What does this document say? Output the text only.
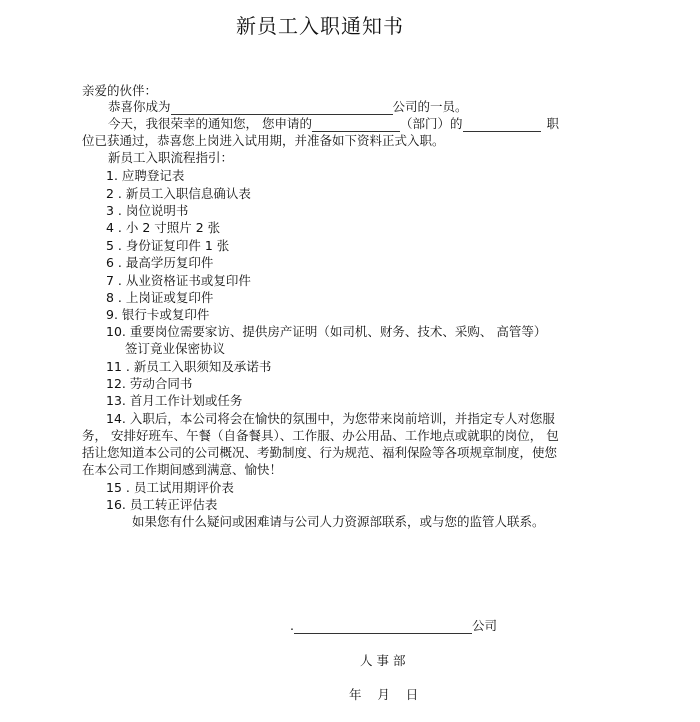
新员工入职通知书
亲爱的伙伴：
恭喜你成为	公司的一员。
今天，我很荣幸的通知您， 您申请的	（部门）的	职
位已获通过，恭喜您上岗进入试用期，并准备如下资料正式入职。
新员工入职流程指引：
1. 应聘登记表
2 . 新员工入职信息确认表
3 . 岗位说明书
4 . 小 2 寸照片 2 张
5 . 身份证复印件 1 张
6 . 最高学历复印件
7 . 从业资格证书或复印件
8 . 上岗证或复印件
9. 银行卡或复印件
10. 重要岗位需要家访、提供房产证明（如司机、财务、技术、采购、 高管等）
签订竟业保密协议
11 . 新员工入职须知及承诺书
12. 劳动合同书
13. 首月工作计划或任务
14. 入职后，本公司将会在愉快的氛围中，为您带来岗前培训，并指定专人对您服务， 安排好班车、午餐（自备餐具）、工作服、办公用品、工作地点或就职的岗位， 包括让您知道本公司的公司概况、考勤制度、行为规范、福利保险等各项规章制度，使您在本公司工作期间感到满意、愉快！
15 . 员工试用期评价表
16. 员工转正评估表
如果您有什么疑问或困难请与公司人力资源部联系，或与您的监管人联系。
.	公司
人 事 部
年    月    日
